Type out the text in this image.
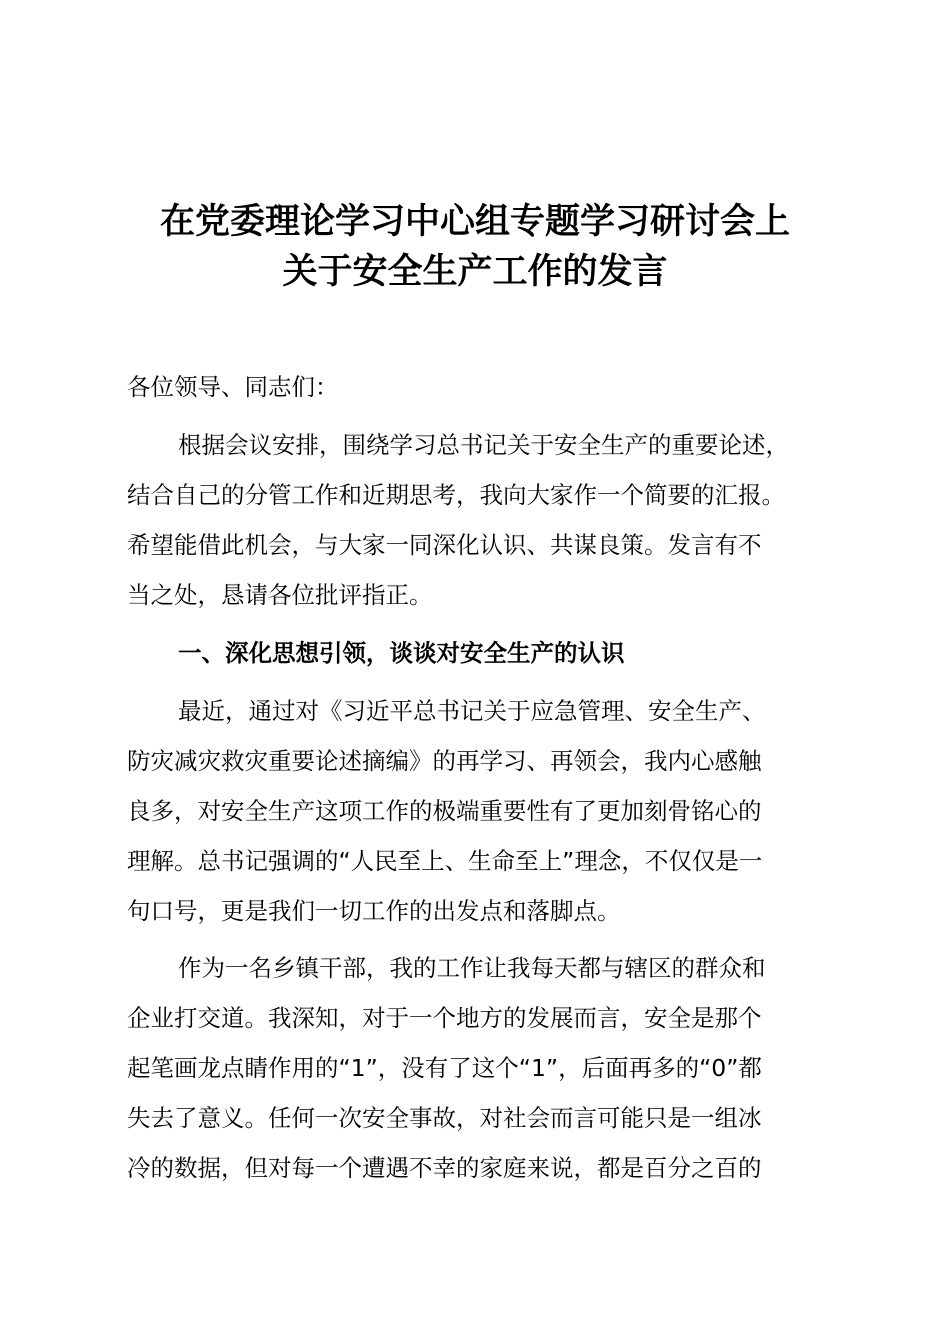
在党委理论学习中心组专题学习研讨会上
关于安全生产工作的发言
各位领导、同志们：
根据会议安排，围绕学习总书记关于安全生产的重要论述，
结合自己的分管工作和近期思考，我向大家作一个简要的汇报。
希望能借此机会，与大家一同深化认识、共谋良策。发言有不
当之处，恳请各位批评指正。
一、深化思想引领，谈谈对安全生产的认识
最近，通过对《习近平总书记关于应急管理、安全生产、
防灾减灾救灾重要论述摘编》的再学习、再领会，我内心感触
良多，对安全生产这项工作的极端重要性有了更加刻骨铭心的
理解。总书记强调的“人民至上、生命至上”理念，不仅仅是一
句口号，更是我们一切工作的出发点和落脚点。
作为一名乡镇干部，我的工作让我每天都与辖区的群众和
企业打交道。我深知，对于一个地方的发展而言，安全是那个
起笔画龙点睛作用的“1”，没有了这个“1”，后面再多的“0”都
失去了意义。任何一次安全事故，对社会而言可能只是一组冰
冷的数据，但对每一个遭遇不幸的家庭来说，都是百分之百的
